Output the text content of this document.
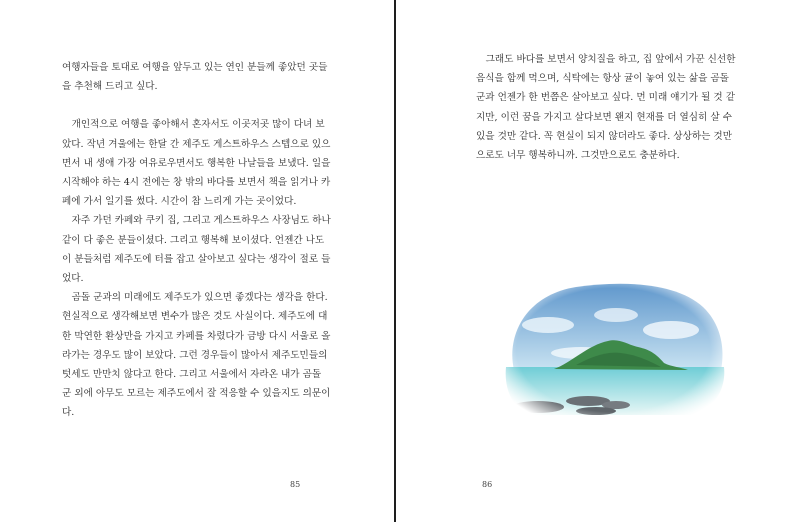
여행자들을 토대로 여행을 앞두고 있는 연인 분들께 좋았던 곳들을 추천해 드리고 싶다.

개인적으로 여행을 좋아해서 혼자서도 이곳저곳 많이 다녀 보았다. 작년 겨울에는 한달 간 제주도 게스트하우스 스텝으로 있으면서 내 생애 가장 여유로우면서도 행복한 나날들을 보냈다. 일을 시작해야 하는 4시 전에는 창 밖의 바다를 보면서 책을 읽거나 카페에 가서 일기를 썼다. 시간이 참 느리게 가는 곳이었다.

자주 가던 카페와 쿠키 집, 그리고 게스트하우스 사장님도 하나같이 다 좋은 분들이셨다. 그리고 행복해 보이셨다. 언젠간 나도 이 분들처럼 제주도에 터를 잡고 살아보고 싶다는 생각이 절로 들었다.

곰돌 군과의 미래에도 제주도가 있으면 좋겠다는 생각을 한다. 현실적으로 생각해보면 변수가 많은 것도 사실이다. 제주도에 대한 막연한 환상만을 가지고 카페를 차렸다가 금방 다시 서울로 올라가는 경우도 많이 보았다. 그런 경우들이 많아서 제주도민들의 텃세도 만만치 않다고 한다. 그리고 서울에서 자라온 내가 곰돌 군 외에 아무도 모르는 제주도에서 잘 적응할 수 있을지도 의문이다.

85

그래도 바다를 보면서 양치질을 하고, 집 앞에서 가꾼 신선한 음식을 함께 먹으며, 식탁에는 항상 귤이 놓여 있는 삶을 곰돌 군과 언젠가 한 번쯤은 살아보고 싶다. 먼 미래 얘기가 될 것 같지만, 이런 꿈을 가지고 살다보면 왠지 현재를 더 열심히 살 수 있을 것만 같다. 꼭 현실이 되지 않더라도 좋다. 상상하는 것만으로도 너무 행복하니까. 그것만으로도 충분하다.

86
